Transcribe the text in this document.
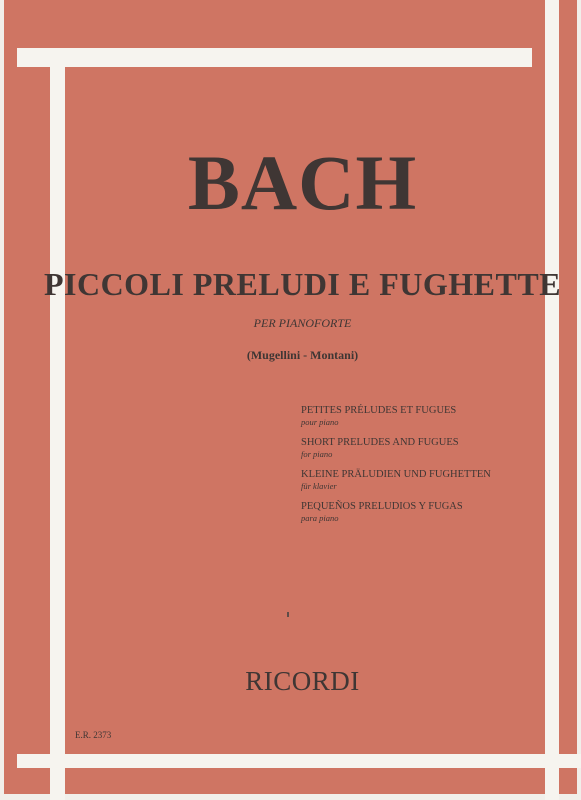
BACH
PICCOLI PRELUDI E FUGHETTE

PER PIANOFORTE

(Mugellini - Montani)

PETITES PRÉLUDES ET FUGUES
pour piano
SHORT PRELUDES AND FUGUES
for piano
KLEINE PRÄLUDIEN UND FUGHETTEN
für klavier
PEQUEÑOS PRELUDIOS Y FUGAS
para piano

RICORDI

E.R. 2373
